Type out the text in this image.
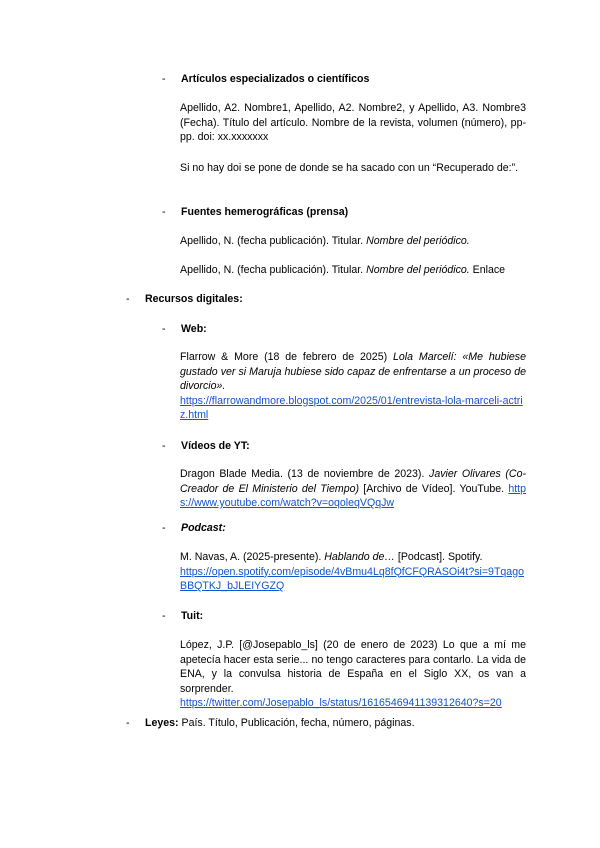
- Artículos especializados o científicos

Apellido, A2. Nombre1, Apellido, A2. Nombre2, y Apellido, A3. Nombre3 (Fecha). Título del artículo. Nombre de la revista, volumen (número), pp-pp. doi: xx.xxxxxxx

Si no hay doi se pone de donde se ha sacado con un “Recuperado de:”.

- Fuentes hemerográficas (prensa)
Apellido, N. (fecha publicación). Titular. Nombre del periódico.
Apellido, N. (fecha publicación). Titular. Nombre del periódico. Enlace
- Recursos digitales:
- Web:
Flarrow & More (18 de febrero de 2025) Lola Marcelí: «Me hubiese gustado ver si Maruja hubiese sido capaz de enfrentarse a un proceso de divorcio».
https://flarrowandmore.blogspot.com/2025/01/entrevista-lola-marceli-actriz.html
- Vídeos de YT:
Dragon Blade Media. (13 de noviembre de 2023). Javier Olivares (Co-Creador de El Ministerio del Tiempo) [Archivo de Vídeo]. YouTube. https://www.youtube.com/watch?v=oqoleqVQqJw
- Podcast:
M. Navas, A. (2025-presente). Hablando de… [Podcast]. Spotify.
https://open.spotify.com/episode/4vBmu4Lq8fQfCFQRASOi4t?si=9TqagoBBQTKJ_bJLEIYGZQ
- Tuit:
López, J.P. [@Josepablo_ls] (20 de enero de 2023) Lo que a mí me apetecía hacer esta serie... no tengo caracteres para contarlo. La vida de ENA, y la convulsa historia de España en el Siglo XX, os van a sorprender.
https://twitter.com/Josepablo_ls/status/1616546941139312640?s=20
- Leyes: País. Título, Publicación, fecha, número, páginas.
